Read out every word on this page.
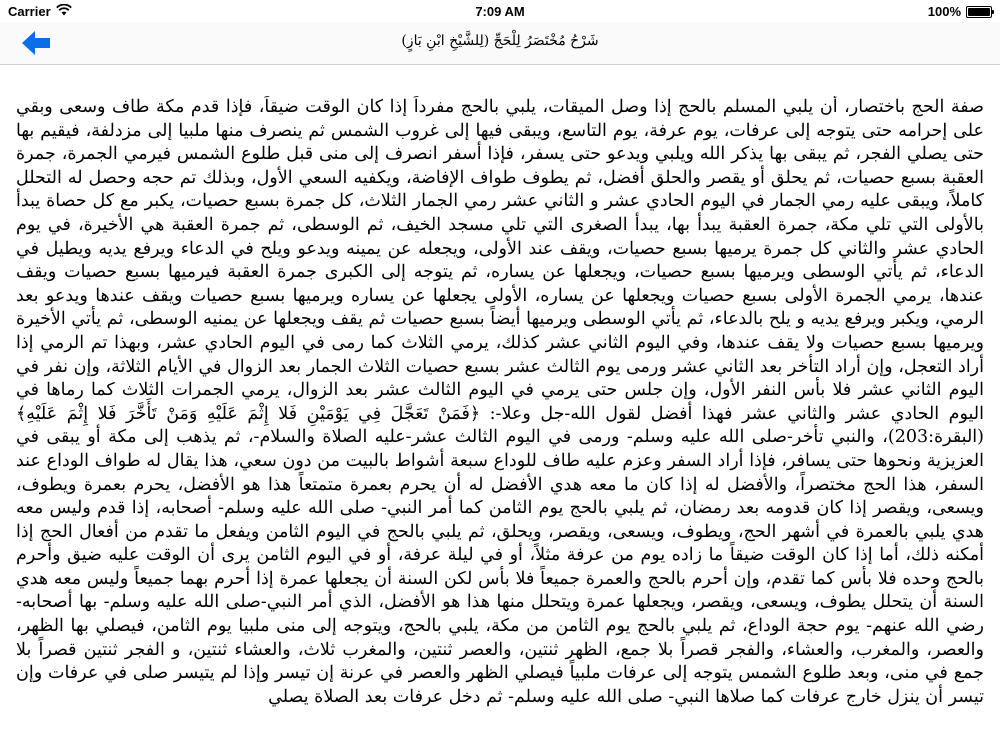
Carrier	7:09 AM	100%
شَرْحُ مُخْتَصَرُ لِلْحَجِّ (لِلشَّيْخِ ابْنِ بَازٍ)
صفة الحج باختصار، أن يلبي المسلم بالحج إذا وصل الميقات، يلبي بالحج مفرداً إذا كان الوقت ضيقاً، فإذا قدم مكة طاف وسعى وبقي على إحرامه حتى يتوجه إلى عرفات، يوم عرفة، يوم التاسع، ويبقى فيها إلى غروب الشمس ثم ينصرف منها ملبيا إلى مزدلفة، فيقيم بها حتى يصلي الفجر، ثم يبقى بها يذكر الله ويلبي ويدعو حتى يسفر، فإذا أسفر انصرف إلى منى قبل طلوع الشمس فيرمي الجمرة، جمرة العقبة بسبع حصيات، ثم يحلق أو يقصر والحلق أفضل، ثم يطوف طواف الإفاضة، ويكفيه السعي الأول، وبذلك تم حجه وحصل له التحلل كاملاً، ويبقى عليه رمي الجمار في اليوم الحادي عشر و الثاني عشر رمي الجمار الثلاث، كل جمرة بسبع حصيات، يكبر مع كل حصاة يبدأ بالأولى التي تلي مكة، جمرة العقبة يبدأ بها، يبدأ الصغرى التي تلي مسجد الخيف، ثم الوسطى، ثم جمرة العقبة هي الأخيرة، في يوم الحادي عشر والثاني كل جمرة يرميها بسبع حصيات، ويقف عند الأولى، ويجعله عن يمينه ويدعو ويلح في الدعاء ويرفع يديه ويطيل في الدعاء، ثم يأتي الوسطى ويرميها بسبع حصيات، ويجعلها عن يساره، ثم يتوجه إلى الكبرى جمرة العقبة فيرميها بسبع حصيات ويقف عندها، يرمي الجمرة الأولى بسبع حصيات ويجعلها عن يساره، الأولى يجعلها عن يساره ويرميها بسبع حصيات ويقف عندها ويدعو بعد الرمي، ويكبر ويرفع يديه و يلح بالدعاء، ثم يأتي الوسطى ويرميها أيضاً بسبع حصيات ثم يقف ويجعلها عن يمنيه الوسطى، ثم يأتي الأخيرة ويرميها بسبع حصيات ولا يقف عندها، وفي اليوم الثاني عشر كذلك، يرمي الثلاث كما رمى في اليوم الحادي عشر، وبهذا تم الرمي إذا أراد التعجل، وإن أراد التأخر بعد الثاني عشر ورمى يوم الثالث عشر بسبع حصيات الثلاث الجمار بعد الزوال في الأيام الثلاثة، وإن نفر في اليوم الثاني عشر فلا بأس النفر الأول، وإن جلس حتى يرمي في اليوم الثالث عشر بعد الزوال، يرمي الجمرات الثلاث كما رماها في اليوم الحادي عشر والثاني عشر فهذا أفضل لقول الله-جل وعلا-: ﴿فَمَنْ تَعَجَّلَ فِي يَوْمَيْنِ فَلا إِثْمَ عَلَيْهِ وَمَنْ تَأَخَّرَ فَلا إِثْمَ عَلَيْهِ﴾ (البقرة:203)، والنبي تأخر-صلى الله عليه وسلم- ورمى في اليوم الثالث عشر-عليه الصلاة والسلام-، ثم يذهب إلى مكة أو يبقى في العزيزية ونحوها حتى يسافر، فإذا أراد السفر وعزم عليه طاف للوداع سبعة أشواط بالبيت من دون سعي، هذا يقال له طواف الوداع عند السفر، هذا الحج مختصراً، والأفضل له إذا كان ما معه هدي الأفضل له أن يحرم بعمرة متمتعاً هذا هو الأفضل، يحرم بعمرة ويطوف، ويسعى، ويقصر إذا كان قدومه بعد رمضان، ثم يلبي بالحج يوم الثامن كما أمر النبي- صلى الله عليه وسلم- أصحابه، إذا قدم وليس معه هدي يلبي بالعمرة في أشهر الحج، ويطوف، ويسعى، ويقصر، ويحلق، ثم يلبي بالحج في اليوم الثامن ويفعل ما تقدم من أفعال الحج إذا أمكنه ذلك، أما إذا كان الوقت ضيقاً ما زاده يوم من عرفة مثلاً، أو في ليلة عرفة، أو في اليوم الثامن يرى أن الوقت عليه ضيق وأحرم بالحج وحده فلا بأس كما تقدم، وإن أحرم بالحج والعمرة جميعاً فلا بأس لكن السنة أن يجعلها عمرة إذا أحرم بهما جميعاً وليس معه هدي السنة أن يتحلل يطوف، ويسعى، ويقصر، ويجعلها عمرة ويتحلل منها هذا هو الأفضل، الذي أمر النبي-صلى الله عليه وسلم- بها أصحابه- رضي الله عنهم- يوم حجة الوداع، ثم يلبي بالحج يوم الثامن من مكة، يلبي بالحج، ويتوجه إلى منى ملبيا يوم الثامن، فيصلي بها الظهر، والعصر، والمغرب، والعشاء، والفجر قصراً بلا جمع، الظهر ثنتين، والعصر ثنتين، والمغرب ثلاث، والعشاء ثنتين، و الفجر ثنتين قصراً بلا جمع في منى، وبعد طلوع الشمس يتوجه إلى عرفات ملبياً فيصلي الظهر والعصر في عرنة إن تيسر وإذا لم يتيسر صلى في عرفات وإن تيسر أن ينزل خارج عرفات كما صلاها النبي- صلى الله عليه وسلم- ثم دخل عرفات بعد الصلاة يصلي
